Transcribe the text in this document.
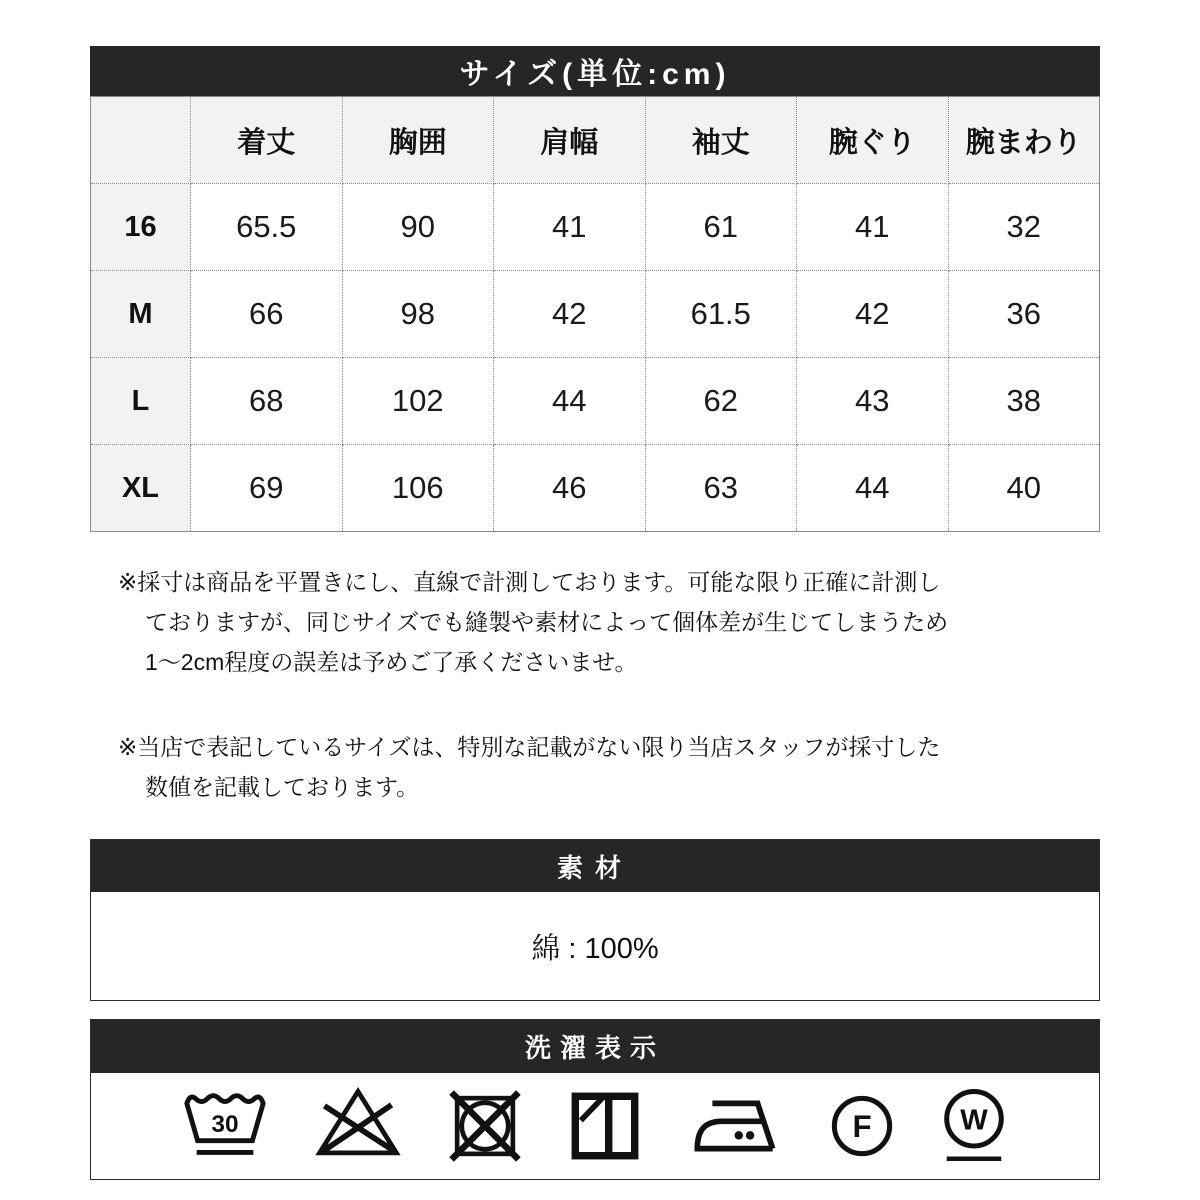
サイズ(単位:cm)
	着丈	胸囲	肩幅	袖丈	腕ぐり	腕まわり
16	65.5	90	41	61	41	32
M	66	98	42	61.5	42	36
L	68	102	44	62	43	38
XL	69	106	46	63	44	40
※採寸は商品を平置きにし、直線で計測しております。可能な限り正確に計測し
ておりますが、同じサイズでも縫製や素材によって個体差が生じてしまうため
1〜2cm程度の誤差は予めご了承くださいませ。
※当店で表記しているサイズは、特別な記載がない限り当店スタッフが採寸した
数値を記載しております。
素材
綿 : 100%
洗濯表示
30	F	W
